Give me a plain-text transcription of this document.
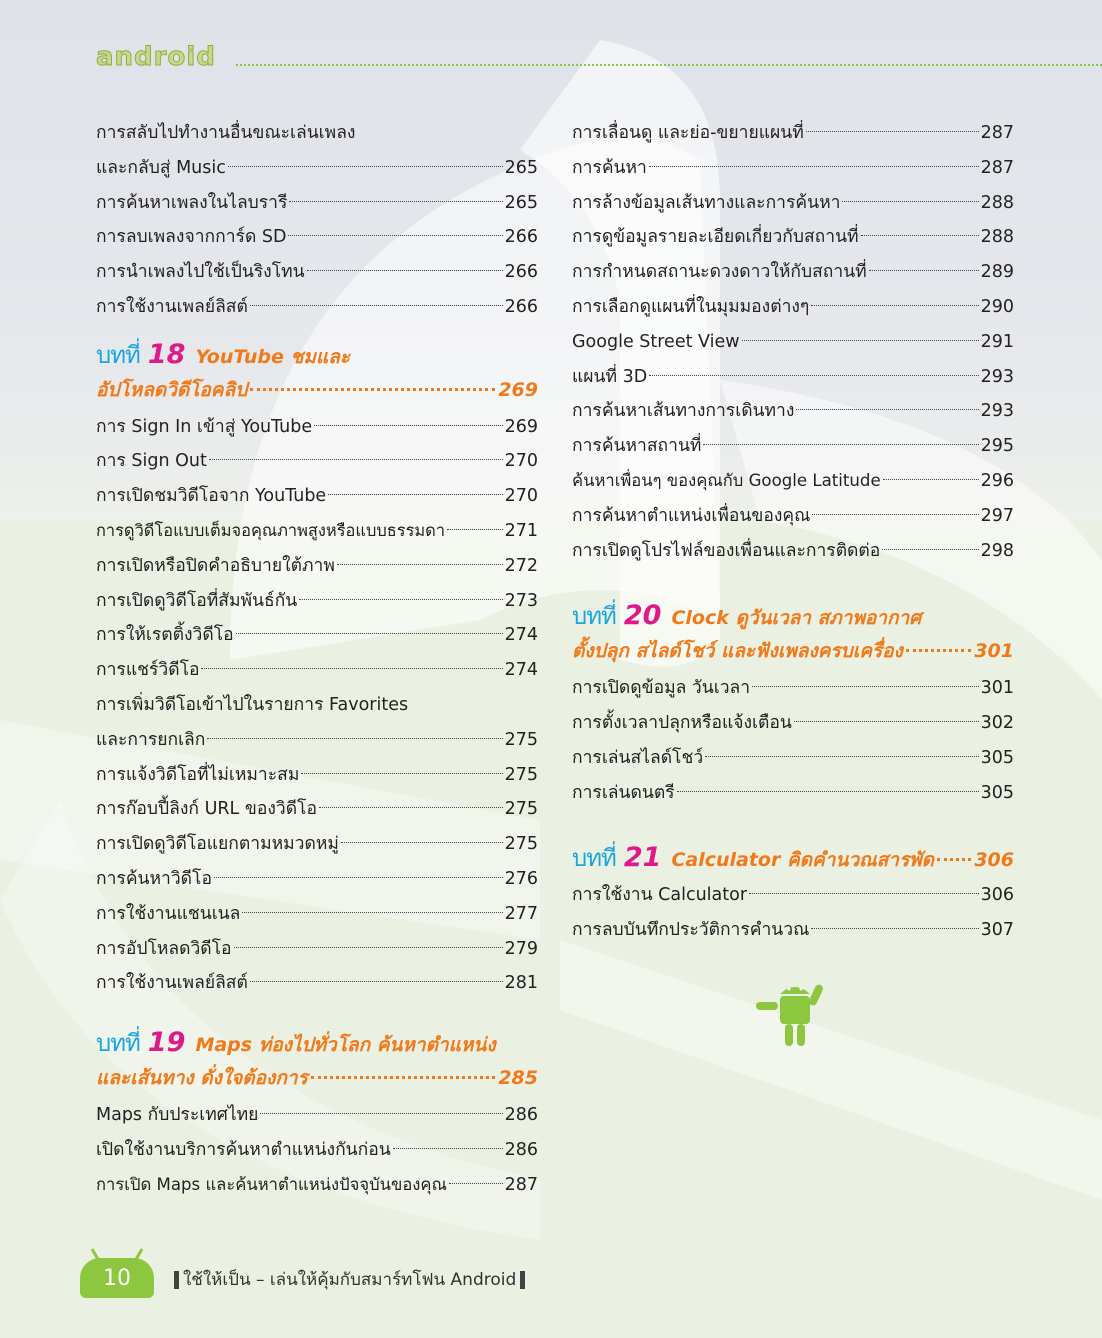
android
การสลับไปทำงานอื่นขณะเล่นเพลง
และกลับสู่ Music	265
การค้นหาเพลงในไลบรารี	265
การลบเพลงจากการ์ด SD	266
การนำเพลงไปใช้เป็นริงโทน	266
การใช้งานเพลย์ลิสต์	266
บทที่ 18 YouTube ชมและ
อัปโหลดวิดีโอคลิป	269
การ Sign In เข้าสู่ YouTube	269
การ Sign Out	270
การเปิดชมวิดีโอจาก YouTube	270
การดูวิดีโอแบบเต็มจอคุณภาพสูงหรือแบบธรรมดา	271
การเปิดหรือปิดคำอธิบายใต้ภาพ	272
การเปิดดูวิดีโอที่สัมพันธ์กัน	273
การให้เรตติ้งวิดีโอ	274
การแชร์วิดีโอ	274
การเพิ่มวิดีโอเข้าไปในรายการ Favorites
และการยกเลิก	275
การแจ้งวิดีโอที่ไม่เหมาะสม	275
การก๊อบปี้ลิงก์ URL ของวิดีโอ	275
การเปิดดูวิดีโอแยกตามหมวดหมู่	275
การค้นหาวิดีโอ	276
การใช้งานแชนเนล	277
การอัปโหลดวิดีโอ	279
การใช้งานเพลย์ลิสต์	281
บทที่ 19 Maps ท่องไปทั่วโลก ค้นหาตำแหน่ง
และเส้นทาง ดั่งใจต้องการ	285
Maps กับประเทศไทย	286
เปิดใช้งานบริการค้นหาตำแหน่งกันก่อน	286
การเปิด Maps และค้นหาตำแหน่งปัจจุบันของคุณ	287
การเลื่อนดู และย่อ-ขยายแผนที่	287
การค้นหา	287
การล้างข้อมูลเส้นทางและการค้นหา	288
การดูข้อมูลรายละเอียดเกี่ยวกับสถานที่	288
การกำหนดสถานะดวงดาวให้กับสถานที่	289
การเลือกดูแผนที่ในมุมมองต่างๆ	290
Google Street View	291
แผนที่ 3D	293
การค้นหาเส้นทางการเดินทาง	293
การค้นหาสถานที่	295
ค้นหาเพื่อนๆ ของคุณกับ Google Latitude	296
การค้นหาตำแหน่งเพื่อนของคุณ	297
การเปิดดูโปรไฟล์ของเพื่อนและการติดต่อ	298
บทที่ 20 Clock ดูวันเวลา สภาพอากาศ
ตั้งปลุก สไลด์โชว์ และฟังเพลงครบเครื่อง	301
การเปิดดูข้อมูล วันเวลา	301
การตั้งเวลาปลุกหรือแจ้งเตือน	302
การเล่นสไลด์โชว์	305
การเล่นดนตรี	305
บทที่ 21 Calculator คิดคำนวณสารพัด 306
การใช้งาน Calculator	306
การลบบันทึกประวัติการคำนวณ	307
10	ใช้ให้เป็น – เล่นให้คุ้มกับสมาร์ทโฟน Android
